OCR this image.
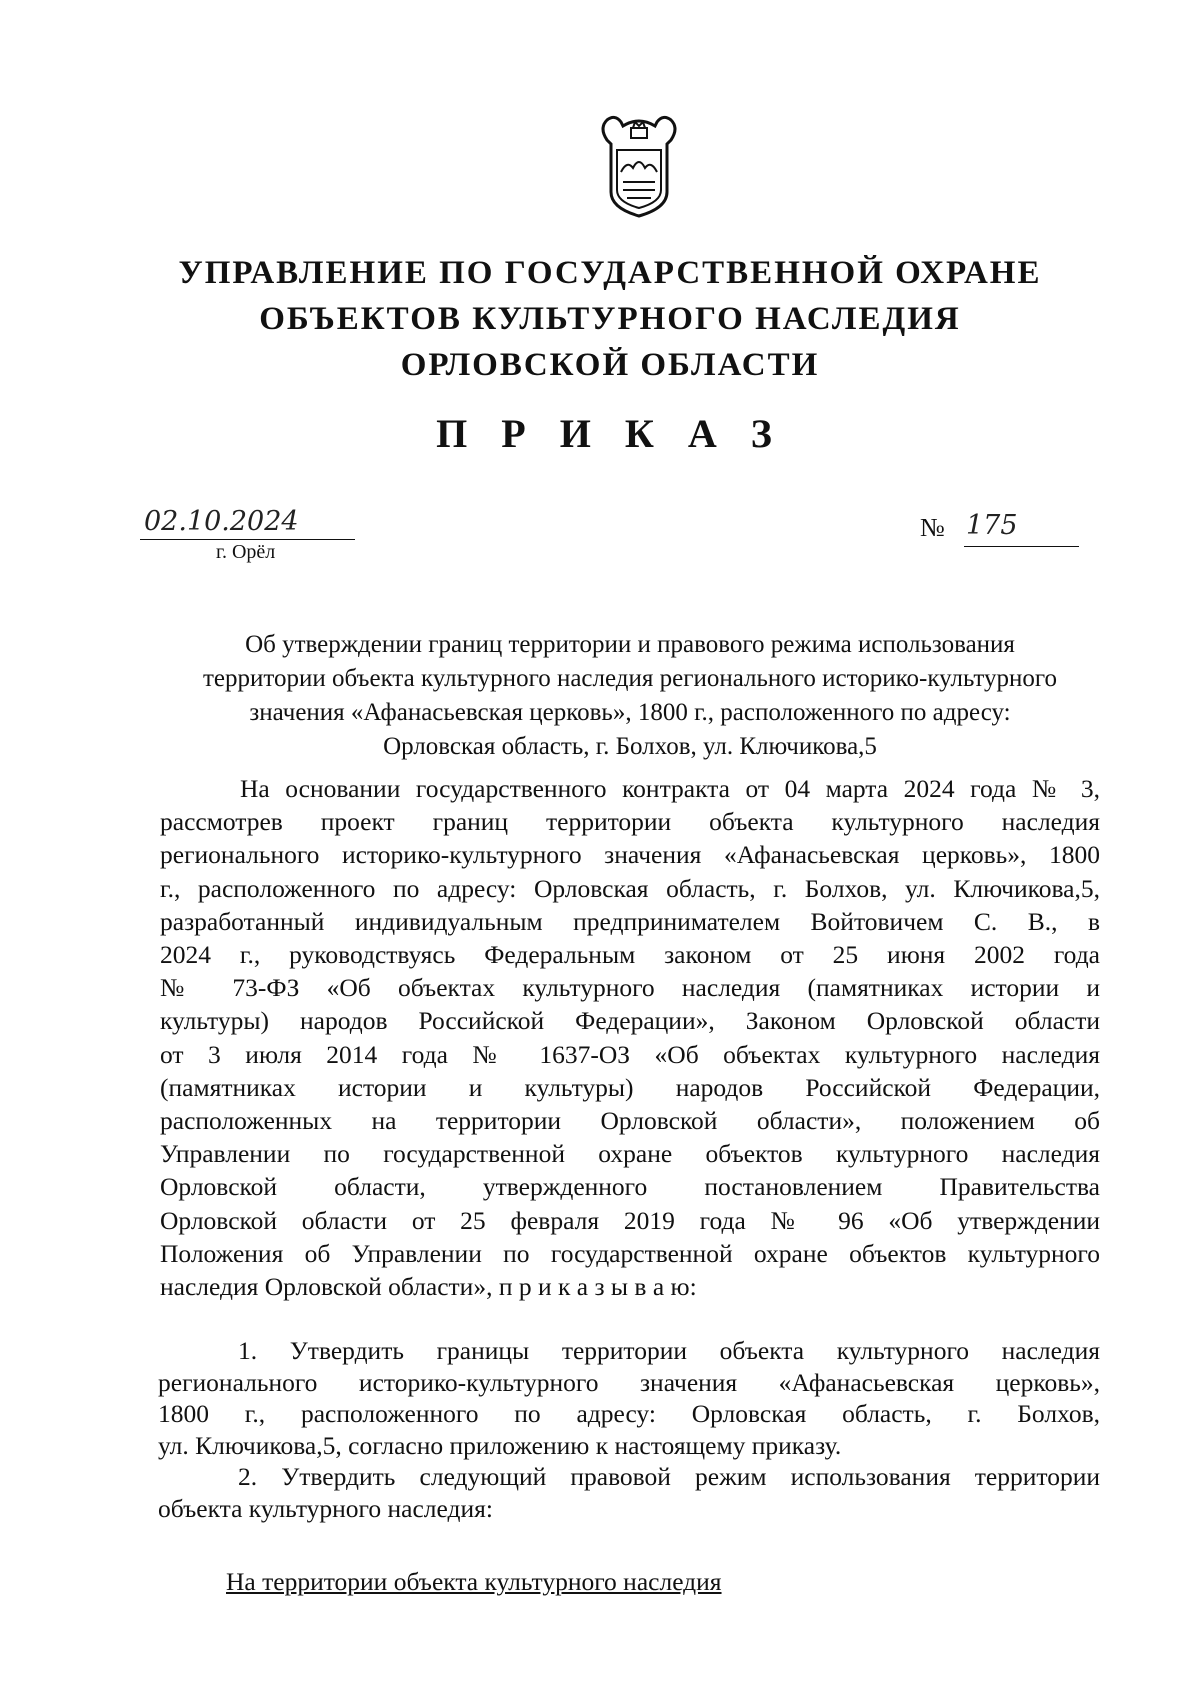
УПРАВЛЕНИЕ ПО ГОСУДАРСТВЕННОЙ ОХРАНЕ
ОБЪЕКТОВ КУЛЬТУРНОГО НАСЛЕДИЯ
ОРЛОВСКОЙ ОБЛАСТИ
П Р И К А З
02.10.2024
г. Орёл
№ 175
Об утверждении границ территории и правового режима использования
территории объекта культурного наследия регионального историко-культурного
значения «Афанасьевская церковь», 1800 г., расположенного по адресу:
Орловская область, г. Болхов, ул. Ключикова,5
На основании государственного контракта от 04 марта 2024 года № 3,
рассмотрев проект границ территории объекта культурного наследия
регионального историко-культурного значения «Афанасьевская церковь», 1800
г., расположенного по адресу: Орловская область, г. Болхов, ул. Ключикова,5,
разработанный индивидуальным предпринимателем Войтовичем С. В., в
2024 г., руководствуясь Федеральным законом от 25 июня 2002 года
№ 73-ФЗ «Об объектах культурного наследия (памятниках истории и
культуры) народов Российской Федерации», Законом Орловской области
от 3 июля 2014 года № 1637-ОЗ «Об объектах культурного наследия
(памятниках истории и культуры) народов Российской Федерации,
расположенных на территории Орловской области», положением об
Управлении по государственной охране объектов культурного наследия
Орловской области, утвержденного постановлением Правительства
Орловской области от 25 февраля 2019 года № 96 «Об утверждении
Положения об Управлении по государственной охране объектов культурного
наследия Орловской области», п р и к а з ы в а ю:
1. Утвердить границы территории объекта культурного наследия
регионального историко-культурного значения «Афанасьевская церковь»,
1800 г., расположенного по адресу: Орловская область, г. Болхов,
ул. Ключикова,5, согласно приложению к настоящему приказу.
2. Утвердить следующий правовой режим использования территории
объекта культурного наследия:
На территории объекта культурного наследия
